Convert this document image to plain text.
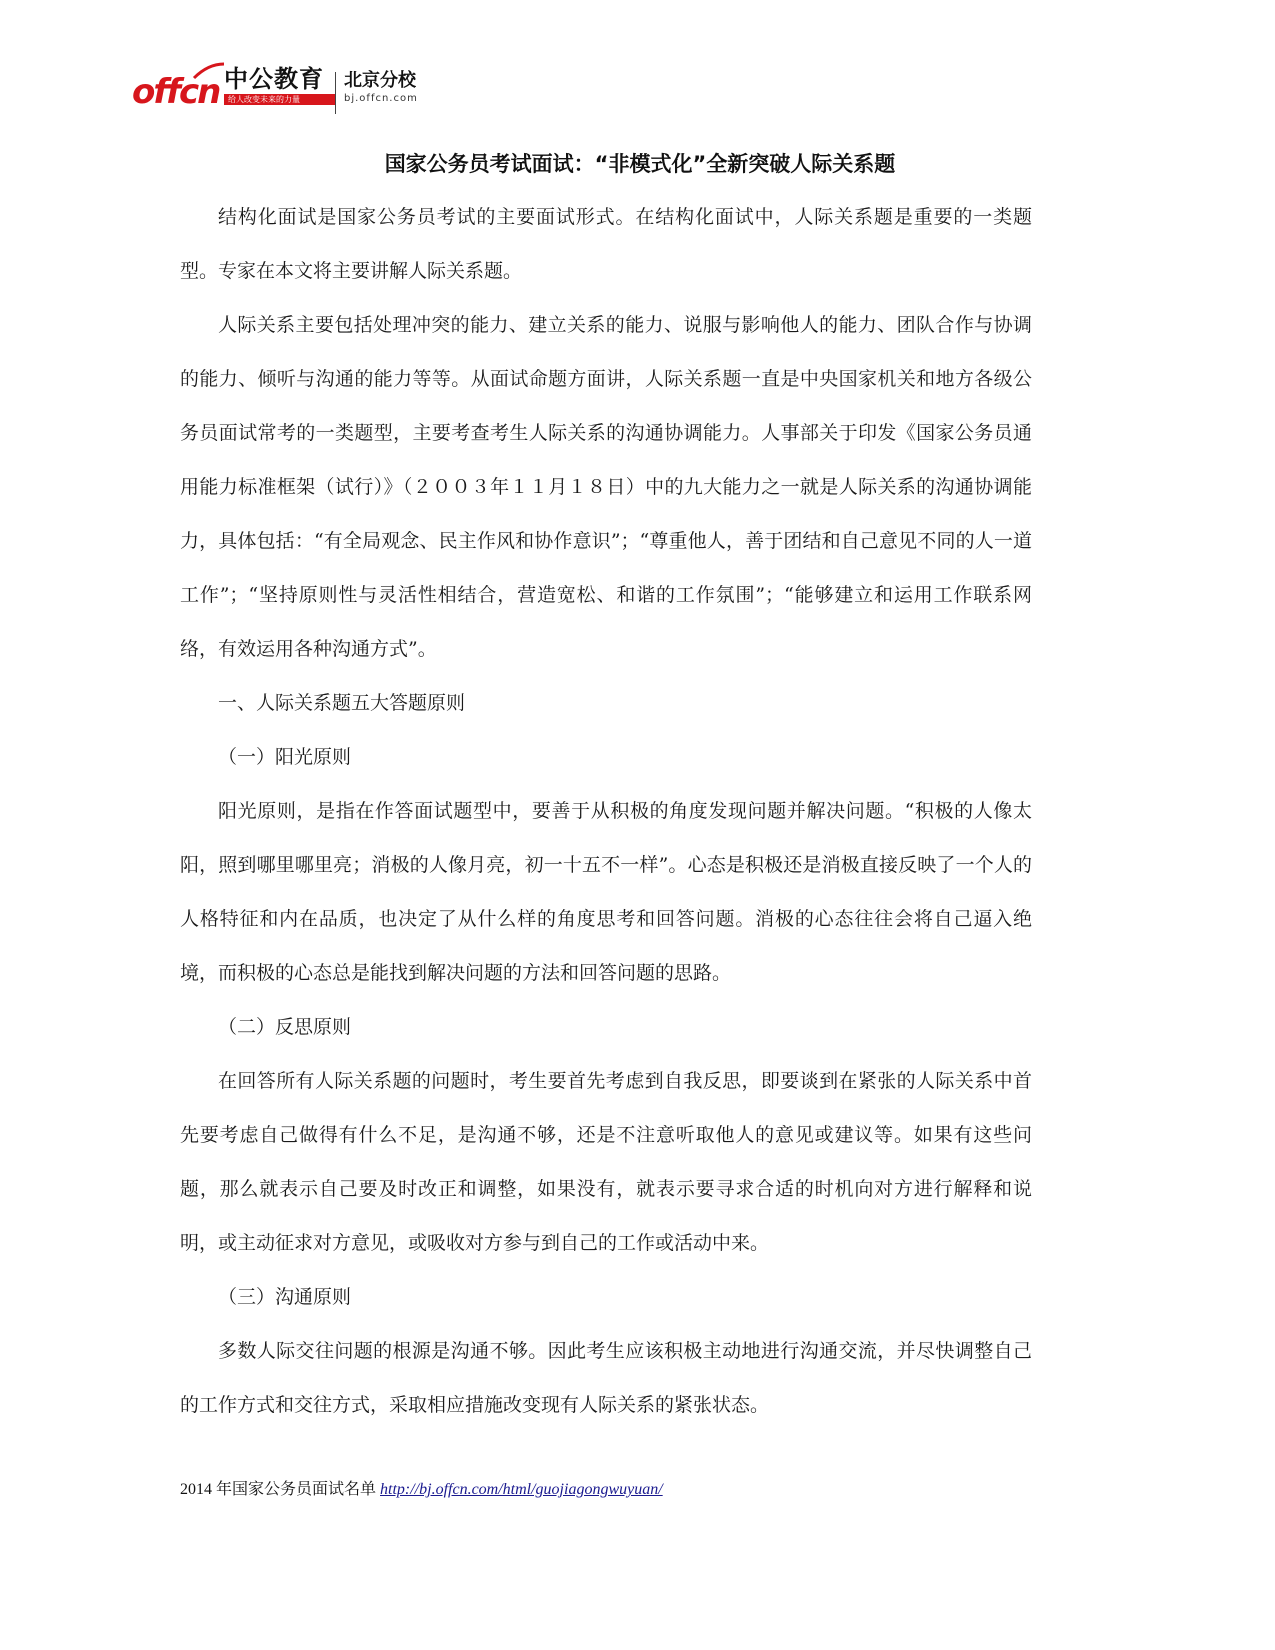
offcn 中公教育
给人改变未来的力量
北京分校
bj.offcn.com
国家公务员考试面试：“非模式化”全新突破人际关系题

结构化面试是国家公务员考试的主要面试形式。在结构化面试中，人际关系题是重要的一类题型。专家在本文将主要讲解人际关系题。

人际关系主要包括处理冲突的能力、建立关系的能力、说服与影响他人的能力、团队合作与协调的能力、倾听与沟通的能力等等。从面试命题方面讲，人际关系题一直是中央国家机关和地方各级公务员面试常考的一类题型，主要考查考生人际关系的沟通协调能力。人事部关于印发《国家公务员通用能力标准框架（试行）》（２００３年１１月１８日）中的九大能力之一就是人际关系的沟通协调能力，具体包括：“有全局观念、民主作风和协作意识”；“尊重他人，善于团结和自己意见不同的人一道工作”；“坚持原则性与灵活性相结合，营造宽松、和谐的工作氛围”；“能够建立和运用工作联系网络，有效运用各种沟通方式”。

一、人际关系题五大答题原则

（一）阳光原则

阳光原则，是指在作答面试题型中，要善于从积极的角度发现问题并解决问题。“积极的人像太阳，照到哪里哪里亮；消极的人像月亮，初一十五不一样”。心态是积极还是消极直接反映了一个人的人格特征和内在品质，也决定了从什么样的角度思考和回答问题。消极的心态往往会将自己逼入绝境，而积极的心态总是能找到解决问题的方法和回答问题的思路。

（二）反思原则

在回答所有人际关系题的问题时，考生要首先考虑到自我反思，即要谈到在紧张的人际关系中首先要考虑自己做得有什么不足，是沟通不够，还是不注意听取他人的意见或建议等。如果有这些问题，那么就表示自己要及时改正和调整，如果没有，就表示要寻求合适的时机向对方进行解释和说明，或主动征求对方意见，或吸收对方参与到自己的工作或活动中来。

（三）沟通原则

多数人际交往问题的根源是沟通不够。因此考生应该积极主动地进行沟通交流，并尽快调整自己的工作方式和交往方式，采取相应措施改变现有人际关系的紧张状态。

2014 年国家公务员面试名单 http://bj.offcn.com/html/guojiagongwuyuan/
